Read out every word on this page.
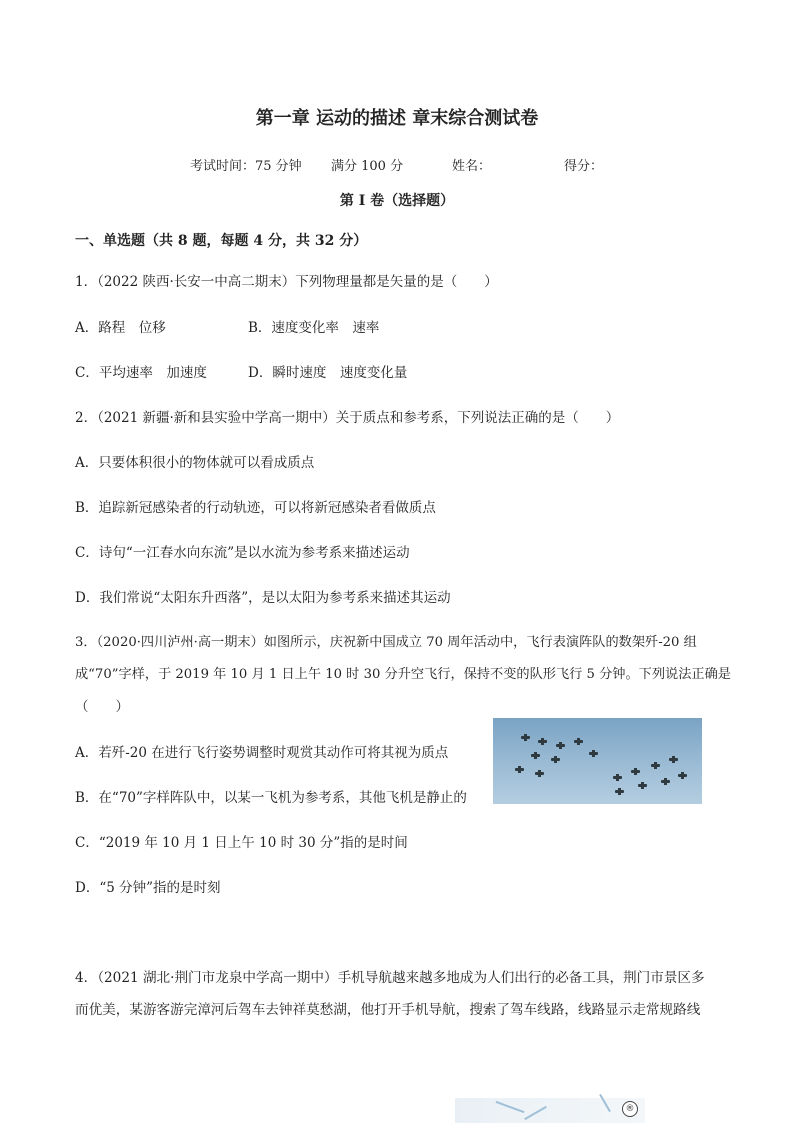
第一章 运动的描述 章末综合测试卷
考试时间：75 分钟 满分 100 分	姓名：	得分：
第 I 卷（选择题）
一、单选题（共 8 题，每题 4 分，共 32 分）
1．（2022 陕西·长安一中高二期末）下列物理量都是矢量的是（　　）
A．路程　位移	B．速度变化率　速率
C．平均速率　加速度	D．瞬时速度　速度变化量
2．（2021 新疆·新和县实验中学高一期中）关于质点和参考系，下列说法正确的是（　　）
A．只要体积很小的物体就可以看成质点
B．追踪新冠感染者的行动轨迹，可以将新冠感染者看做质点
C．诗句“一江春水向东流”是以水流为参考系来描述运动
D．我们常说“太阳东升西落”，是以太阳为参考系来描述其运动
3．（2020·四川泸州·高一期末）如图所示，庆祝新中国成立 70 周年活动中，飞行表演阵队的数架歼-20 组
成“70”字样，于 2019 年 10 月 1 日上午 10 时 30 分升空飞行，保持不变的队形飞行 5 分钟。下列说法正确是
（　　）
A．若歼-20 在进行飞行姿势调整时观赏其动作可将其视为质点
B．在“70”字样阵队中，以某一飞机为参考系，其他飞机是静止的
C．“2019 年 10 月 1 日上午 10 时 30 分”指的是时间
D．“5 分钟”指的是时刻
4．（2021 湖北·荆门市龙泉中学高一期中）手机导航越来越多地成为人们出行的必备工具，荆门市景区多
而优美，某游客游完漳河后驾车去钟祥莫愁湖，他打开手机导航，搜索了驾车线路，线路显示走常规路线
®
